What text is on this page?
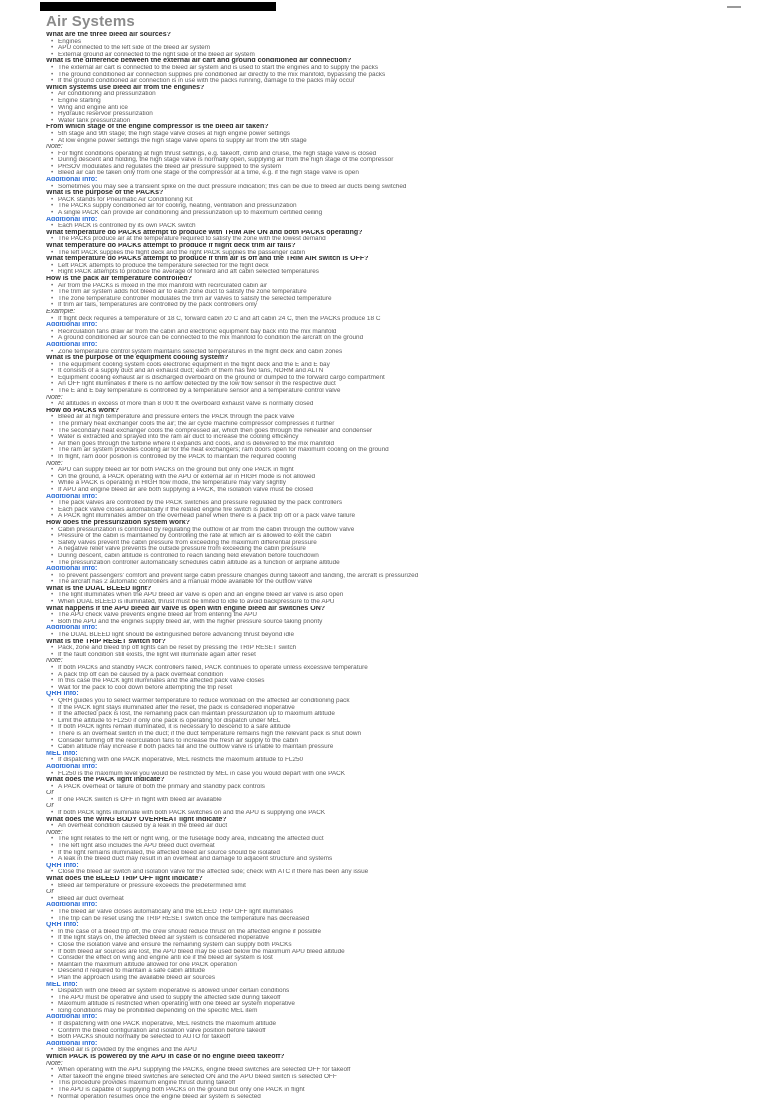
Air Systems
What are the three bleed air sources?
• Engines
• APU connected to the left side of the bleed air system
• External ground air connected to the right side of the bleed air system
What is the difference between the external air cart and ground conditioned air connection?
• The external air cart is connected to the bleed air system and is used to start the engines and to supply the packs
• The ground conditioned air connection supplies pre conditioned air directly to the mix manifold, bypassing the packs
• If the ground conditioned air connection is in use with the packs running, damage to the packs may occur
Which systems use bleed air from the engines?
• Air conditioning and pressurization
• Engine starting
• Wing and engine anti ice
• Hydraulic reservoir pressurization
• Water tank pressurization
From which stage of the engine compressor is the bleed air taken?
• 5th stage and 9th stage; the high stage valve closes at high engine power settings
• At low engine power settings the high stage valve opens to supply air from the 9th stage
Note:
• For flight conditions operating at high thrust settings, e.g. takeoff, climb and cruise, the high stage valve is closed
• During descent and holding, the high stage valve is normally open, supplying air from the high stage of the compressor
• PRSOV modulates and regulates the bleed air pressure supplied to the system
• Bleed air can be taken only from one stage of the compressor at a time, e.g. if the high stage valve is open
Additional Info:
• Sometimes you may see a transient spike on the duct pressure indication; this can be due to bleed air ducts being switched
What is the purpose of the PACKs?
• PACK stands for Pneumatic Air Conditioning Kit
• The PACKs supply conditioned air for cooling, heating, ventilation and pressurization
• A single PACK can provide air conditioning and pressurization up to maximum certified ceiling
Additional Info:
• Each PACK is controlled by its own PACK switch
What temperature do PACKs attempt to produce with TRIM AIR ON and both PACKs operating?
• The PACKs produce air at the temperature required to satisfy the zone with the lowest demand
What temperature do PACKs attempt to produce if flight deck trim air fails?
• The left PACK supplies the flight deck and the right PACK supplies the passenger cabin
What temperature do PACKs attempt to produce if trim air is off and the TRIM AIR switch is OFF?
• Left PACK attempts to produce the temperature selected for the flight deck
• Right PACK attempts to produce the average of forward and aft cabin selected temperatures
How is the pack air temperature controlled?
• Air from the PACKs is mixed in the mix manifold with recirculated cabin air
• The trim air system adds hot bleed air to each zone duct to satisfy the zone temperature
• The zone temperature controller modulates the trim air valves to satisfy the selected temperature
• If trim air fails, temperatures are controlled by the pack controllers only
Example:
• If flight deck requires a temperature of 18 C, forward cabin 20 C and aft cabin 24 C, then the PACKs produce 18 C
Additional Info:
• Recirculation fans draw air from the cabin and electronic equipment bay back into the mix manifold
• A ground conditioned air source can be connected to the mix manifold to condition the aircraft on the ground
Additional Info:
• Zone temperature control system maintains selected temperatures in the flight deck and cabin zones
What is the purpose of the equipment cooling system?
• The equipment cooling system cools electronic equipment in the flight deck and the E and E bay
• It consists of a supply duct and an exhaust duct; each of them has two fans, NORM and ALTN
• Equipment cooling exhaust air is discharged overboard on the ground or dumped to the forward cargo compartment
• An OFF light illuminates if there is no airflow detected by the low flow sensor in the respective duct
• The E and E bay temperature is controlled by a temperature sensor and a temperature control valve
Note:
• At altitudes in excess of more than 8 000 ft the overboard exhaust valve is normally closed
How do PACKs work?
• Bleed air at high temperature and pressure enters the PACK through the pack valve
• The primary heat exchanger cools the air; the air cycle machine compressor compresses it further
• The secondary heat exchanger cools the compressed air, which then goes through the reheater and condenser
• Water is extracted and sprayed into the ram air duct to increase the cooling efficiency
• Air then goes through the turbine where it expands and cools, and is delivered to the mix manifold
• The ram air system provides cooling air for the heat exchangers; ram doors open for maximum cooling on the ground
• In flight, ram door position is controlled by the PACK to maintain the required cooling
Note:
• APU can supply bleed air for both PACKs on the ground but only one PACK in flight
• On the ground, a PACK operating with the APU or external air in HIGH mode is not allowed
• While a PACK is operating in HIGH flow mode, the temperature may vary slightly
• If APU and engine bleed air are both supplying a PACK, the isolation valve must be closed
Additional Info:
• The pack valves are controlled by the PACK switches and pressure regulated by the pack controllers
• Each pack valve closes automatically if the related engine fire switch is pulled
• A PACK light illuminates amber on the overhead panel when there is a pack trip off or a pack valve failure
How does the pressurization system work?
• Cabin pressurization is controlled by regulating the outflow of air from the cabin through the outflow valve
• Pressure of the cabin is maintained by controlling the rate at which air is allowed to exit the cabin
• Safety valves prevent the cabin pressure from exceeding the maximum differential pressure
• A negative relief valve prevents the outside pressure from exceeding the cabin pressure
• During descent, cabin altitude is controlled to reach landing field elevation before touchdown
• The pressurization controller automatically schedules cabin altitude as a function of airplane altitude
Additional Info:
• To prevent passengers' comfort and prevent large cabin pressure changes during takeoff and landing, the aircraft is pressurized
• The aircraft has 2 automatic controllers and a manual mode available for the outflow valve
What is the DUAL BLEED light?
• The light illuminates when the APU bleed air valve is open and an engine bleed air valve is also open
• When DUAL BLEED is illuminated, thrust must be limited to idle to avoid backpressure to the APU
What happens if the APU bleed air valve is open with engine bleed air switches ON?
• The APU check valve prevents engine bleed air from entering the APU
• Both the APU and the engines supply bleed air, with the higher pressure source taking priority
Additional Info:
• The DUAL BLEED light should be extinguished before advancing thrust beyond idle
What is the TRIP RESET switch for?
• Pack, zone and bleed trip off lights can be reset by pressing the TRIP RESET switch
• If the fault condition still exists, the light will illuminate again after reset
Note:
• If both PACKs and standby PACK controllers failed, PACK continues to operate unless excessive temperature
• A pack trip off can be caused by a pack overheat condition
• In this case the PACK light illuminates and the affected pack valve closes
• Wait for the pack to cool down before attempting the trip reset
QRH Info:
• QRH guides you to select warmer temperature to reduce workload on the affected air conditioning pack
• If the PACK light stays illuminated after the reset, the pack is considered inoperative
• If the affected pack is lost, the remaining pack can maintain pressurization up to maximum altitude
• Limit the altitude to FL250 if only one pack is operating for dispatch under MEL
• If both PACK lights remain illuminated, it is necessary to descend to a safe altitude
• There is an overheat switch in the duct; if the duct temperature remains high the relevant pack is shut down
• Consider turning off the recirculation fans to increase the fresh air supply to the cabin
• Cabin altitude may increase if both packs fail and the outflow valve is unable to maintain pressure
MEL Info:
• If dispatching with one PACK inoperative, MEL restricts the maximum altitude to FL250
Additional Info:
• FL250 is the maximum level you would be restricted by MEL in case you would depart with one PACK
What does the PACK light indicate?
• A PACK overheat or failure of both the primary and standby pack controls
Or
• If one PACK switch is OFF in flight with bleed air available
Or
• If both PACK lights illuminate with both PACK switches on and the APU is supplying one PACK
What does the WING BODY OVERHEAT light indicate?
• An overheat condition caused by a leak in the bleed air duct
Note:
• The light relates to the left or right wing, or the fuselage body area, indicating the affected duct
• The left light also includes the APU bleed duct overheat
• If the light remains illuminated, the affected bleed air source should be isolated
• A leak in the bleed duct may result in an overheat and damage to adjacent structure and systems
QRH Info:
• Close the bleed air switch and isolation valve for the affected side; check with ATC if there has been any issue
What does the BLEED TRIP OFF light indicate?
• Bleed air temperature or pressure exceeds the predetermined limit
Or
• Bleed air duct overheat
Additional Info:
• The bleed air valve closes automatically and the BLEED TRIP OFF light illuminates
• The trip can be reset using the TRIP RESET switch once the temperature has decreased
QRH Info:
• In the case of a bleed trip off, the crew should reduce thrust on the affected engine if possible
• If the light stays on, the affected bleed air system is considered inoperative
• Close the isolation valve and ensure the remaining system can supply both PACKs
• If both bleed air sources are lost, the APU bleed may be used below the maximum APU bleed altitude
• Consider the effect on wing and engine anti ice if the bleed air system is lost
• Maintain the maximum altitude allowed for one PACK operation
• Descend if required to maintain a safe cabin altitude
• Plan the approach using the available bleed air sources
MEL Info:
• Dispatch with one bleed air system inoperative is allowed under certain conditions
• The APU must be operative and used to supply the affected side during takeoff
• Maximum altitude is restricted when operating with one bleed air system inoperative
• Icing conditions may be prohibited depending on the specific MEL item
Additional Info:
• If dispatching with one PACK inoperative, MEL restricts the maximum altitude
• Confirm the bleed configuration and isolation valve position before takeoff
• Both PACKs should normally be selected to AUTO for takeoff
Additional Info:
• Bleed air is provided by the engines and the APU
Which PACK is powered by the APU in case of no engine bleed takeoff?
Note:
• When operating with the APU supplying the PACKs, engine bleed switches are selected OFF for takeoff
• After takeoff the engine bleed switches are selected ON and the APU bleed switch is selected OFF
• This procedure provides maximum engine thrust during takeoff
• The APU is capable of supplying both PACKs on the ground but only one PACK in flight
• Normal operation resumes once the engine bleed air system is selected
